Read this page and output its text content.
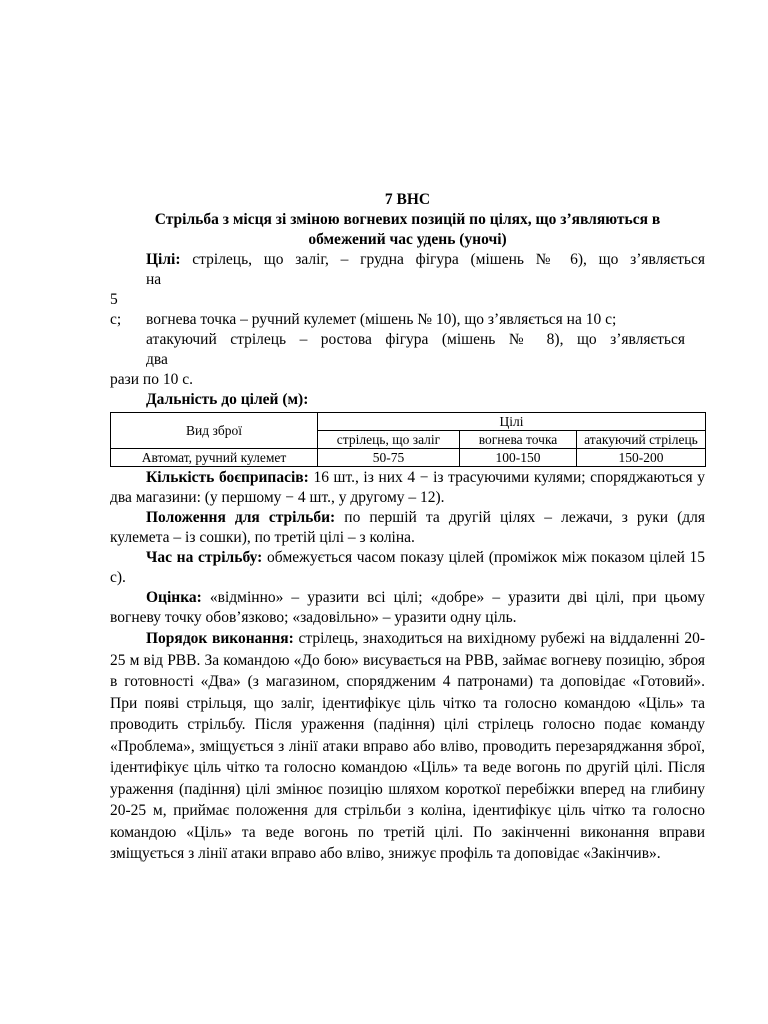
7 ВНС
Стрільба з місця зі зміною вогневих позицій по цілях, що з’являються в
обмежений час удень (уночі)
Цілі: стрілець, що заліг, – грудна фігура (мішень № 6), що з’являється
на
5
с;	вогнева точка – ручний кулемет (мішень № 10), що з’являється на 10 с;
атакуючий стрілець – ростова фігура (мішень № 8), що з’являється
два
рази по 10 с.
Дальність до цілей (м):
Вид зброї	Цілі		
	стрілець, що заліг	вогнева точка	атакуючий стрілець
Автомат, ручний кулемет	50-75	100-150	150-200
Кількість боєприпасів: 16 шт., із них 4 − із трасуючими кулями; споряджаються у два магазини: (у першому − 4 шт., у другому – 12).
Положення для стрільби: по першій та другій цілях – лежачи, з руки (для кулемета – із сошки), по третій цілі – з коліна.
Час на стрільбу: обмежується часом показу цілей (проміжок між показом цілей 15 с).
Оцінка: «відмінно» – уразити всі цілі; «добре» – уразити дві цілі, при цьому вогневу точку обов’язково; «задовільно» – уразити одну ціль.
Порядок виконання: стрілець, знаходиться на вихідному рубежі на віддаленні 20-25 м від РВВ. За командою «До бою» висувається на РВВ, займає вогневу позицію, зброя в готовності «Два» (з магазином, спорядженим 4 патронами) та доповідає «Готовий». При появі стрільця, що заліг, ідентифікує ціль чітко та голосно командою «Ціль» та проводить стрільбу. Після ураження (падіння) цілі стрілець голосно подає команду «Проблема», зміщується з лінії атаки вправо або вліво, проводить перезаряджання зброї, ідентифікує ціль чітко та голосно командою «Ціль» та веде вогонь по другій цілі. Після ураження (падіння) цілі змінює позицію шляхом короткої перебіжки вперед на глибину 20-25 м, приймає положення для стрільби з коліна, ідентифікує ціль чітко та голосно командою «Ціль» та веде вогонь по третій цілі. По закінченні виконання вправи зміщується з лінії атаки вправо або вліво, знижує профіль та доповідає «Закінчив».
